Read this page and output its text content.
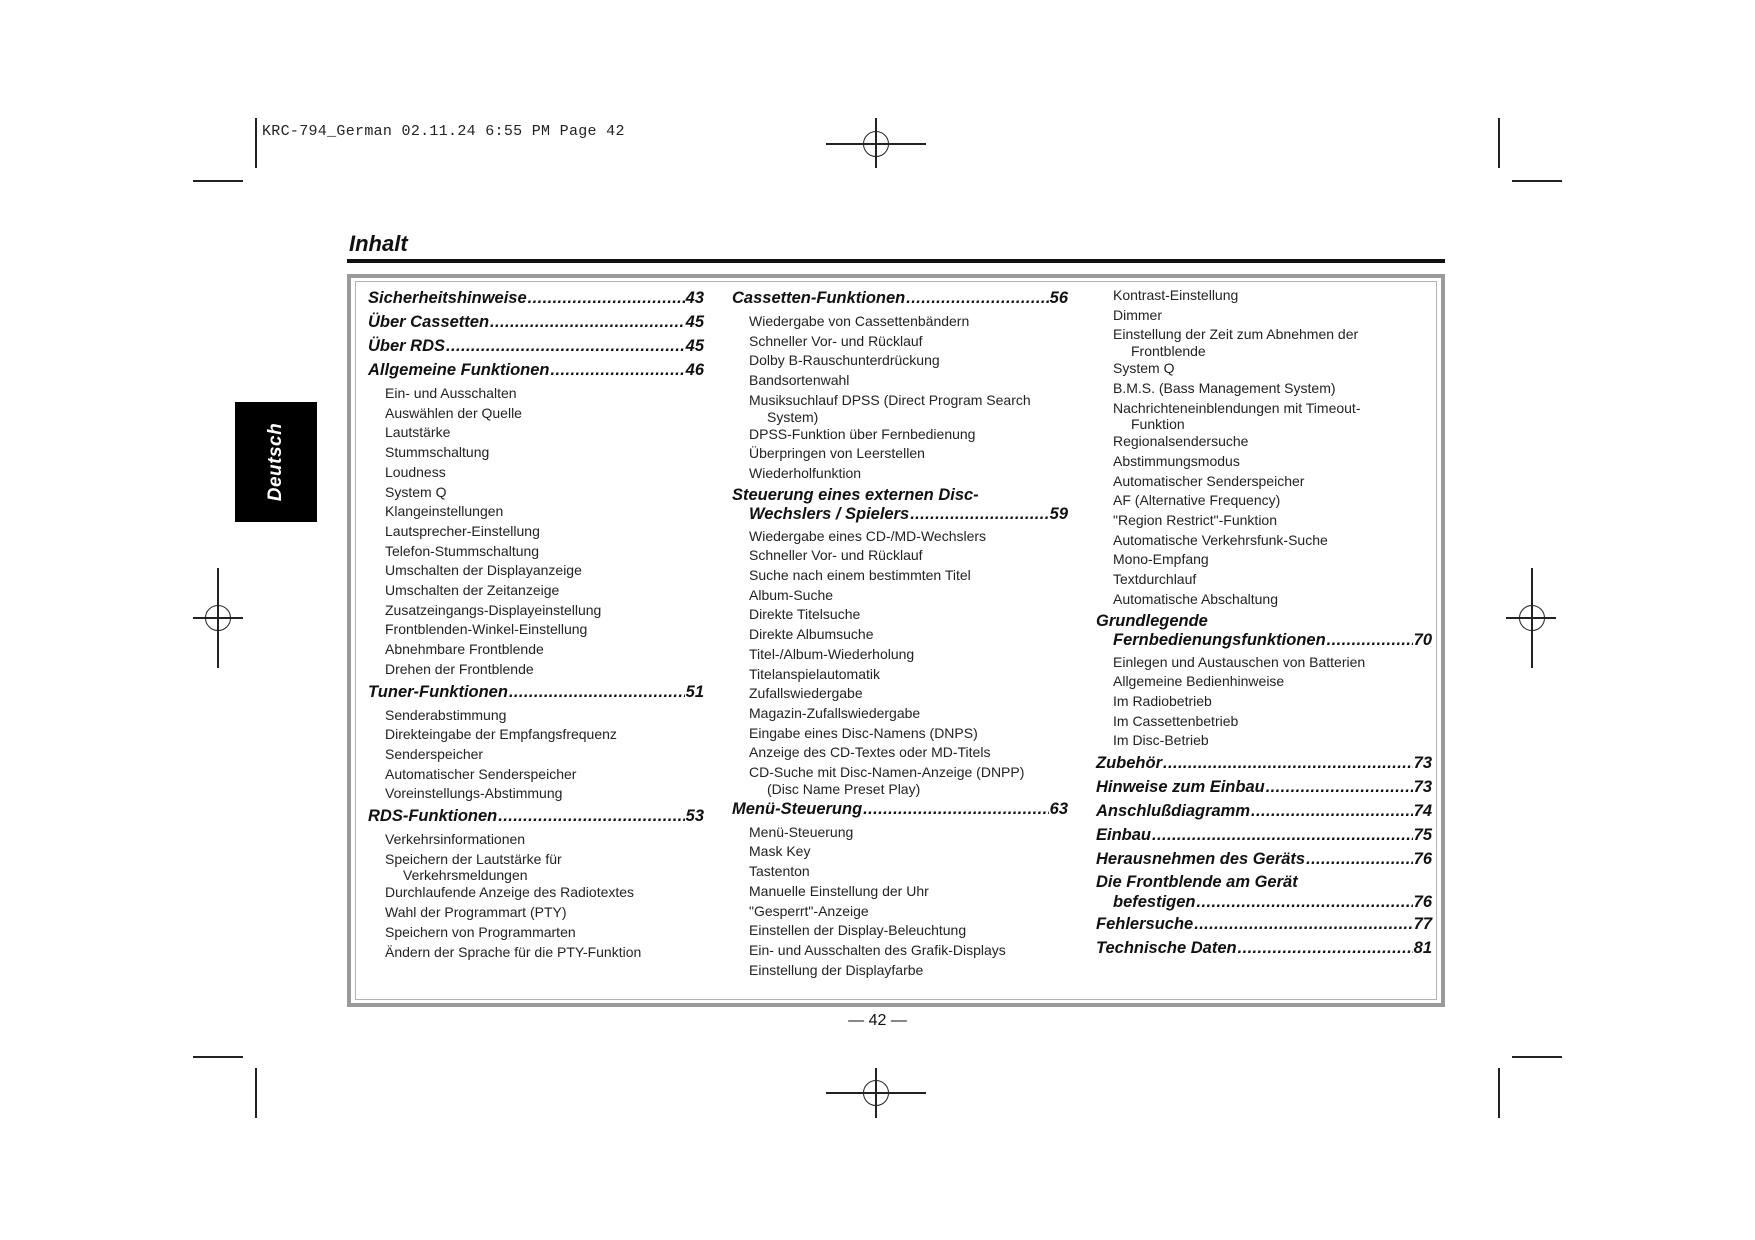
KRC-794_German 02.11.24 6:55 PM Page 42
Inhalt
Deutsch
Sicherheitshinweise .....	43
Über Cassetten .....	45
Über RDS .....	45
Allgemeine Funktionen .....	46
Ein- und Ausschalten
Auswählen der Quelle
Lautstärke
Stummschaltung
Loudness
System Q
Klangeinstellungen
Lautsprecher-Einstellung
Telefon-Stummschaltung
Umschalten der Displayanzeige
Umschalten der Zeitanzeige
Zusatzeingangs-Displayeinstellung
Frontblenden-Winkel-Einstellung
Abnehmbare Frontblende
Drehen der Frontblende
Tuner-Funktionen .....	51
Senderabstimmung
Direkteingabe der Empfangsfrequenz
Senderspeicher
Automatischer Senderspeicher
Voreinstellungs-Abstimmung
RDS-Funktionen .....	53
Verkehrsinformationen
Speichern der Lautstärke für
Verkehrsmeldungen
Durchlaufende Anzeige des Radiotextes
Wahl der Programmart (PTY)
Speichern von Programmarten
Ändern der Sprache für die PTY-Funktion
Cassetten-Funktionen .....	56
Wiedergabe von Cassettenbändern
Schneller Vor- und Rücklauf
Dolby B-Rauschunterdrückung
Bandsortenwahl
Musiksuchlauf DPSS (Direct Program Search
System)
DPSS-Funktion über Fernbedienung
Überpringen von Leerstellen
Wiederholfunktion
Steuerung eines externen Disc-
Wechslers / Spielers .....	59
Wiedergabe eines CD-/MD-Wechslers
Schneller Vor- und Rücklauf
Suche nach einem bestimmten Titel
Album-Suche
Direkte Titelsuche
Direkte Albumsuche
Titel-/Album-Wiederholung
Titelanspielautomatik
Zufallswiedergabe
Magazin-Zufallswiedergabe
Eingabe eines Disc-Namens (DNPS)
Anzeige des CD-Textes oder MD-Titels
CD-Suche mit Disc-Namen-Anzeige (DNPP)
(Disc Name Preset Play)
Menü-Steuerung .....	63
Menü-Steuerung
Mask Key
Tastenton
Manuelle Einstellung der Uhr
"Gesperrt"-Anzeige
Einstellen der Display-Beleuchtung
Ein- und Ausschalten des Grafik-Displays
Einstellung der Displayfarbe
Kontrast-Einstellung
Dimmer
Einstellung der Zeit zum Abnehmen der
Frontblende
System Q
B.M.S. (Bass Management System)
Nachrichteneinblendungen mit Timeout-
Funktion
Regionalsendersuche
Abstimmungsmodus
Automatischer Senderspeicher
AF (Alternative Frequency)
"Region Restrict"-Funktion
Automatische Verkehrsfunk-Suche
Mono-Empfang
Textdurchlauf
Automatische Abschaltung
Grundlegende
Fernbedienungsfunktionen .....	70
Einlegen und Austauschen von Batterien
Allgemeine Bedienhinweise
Im Radiobetrieb
Im Cassettenbetrieb
Im Disc-Betrieb
Zubehör .....	73
Hinweise zum Einbau .....	73
Anschlußdiagramm .....	74
Einbau .....	75
Herausnehmen des Geräts .....	76
Die Frontblende am Gerät
befestigen .....	76
Fehlersuche .....	77
Technische Daten .....	81
— 42 —
